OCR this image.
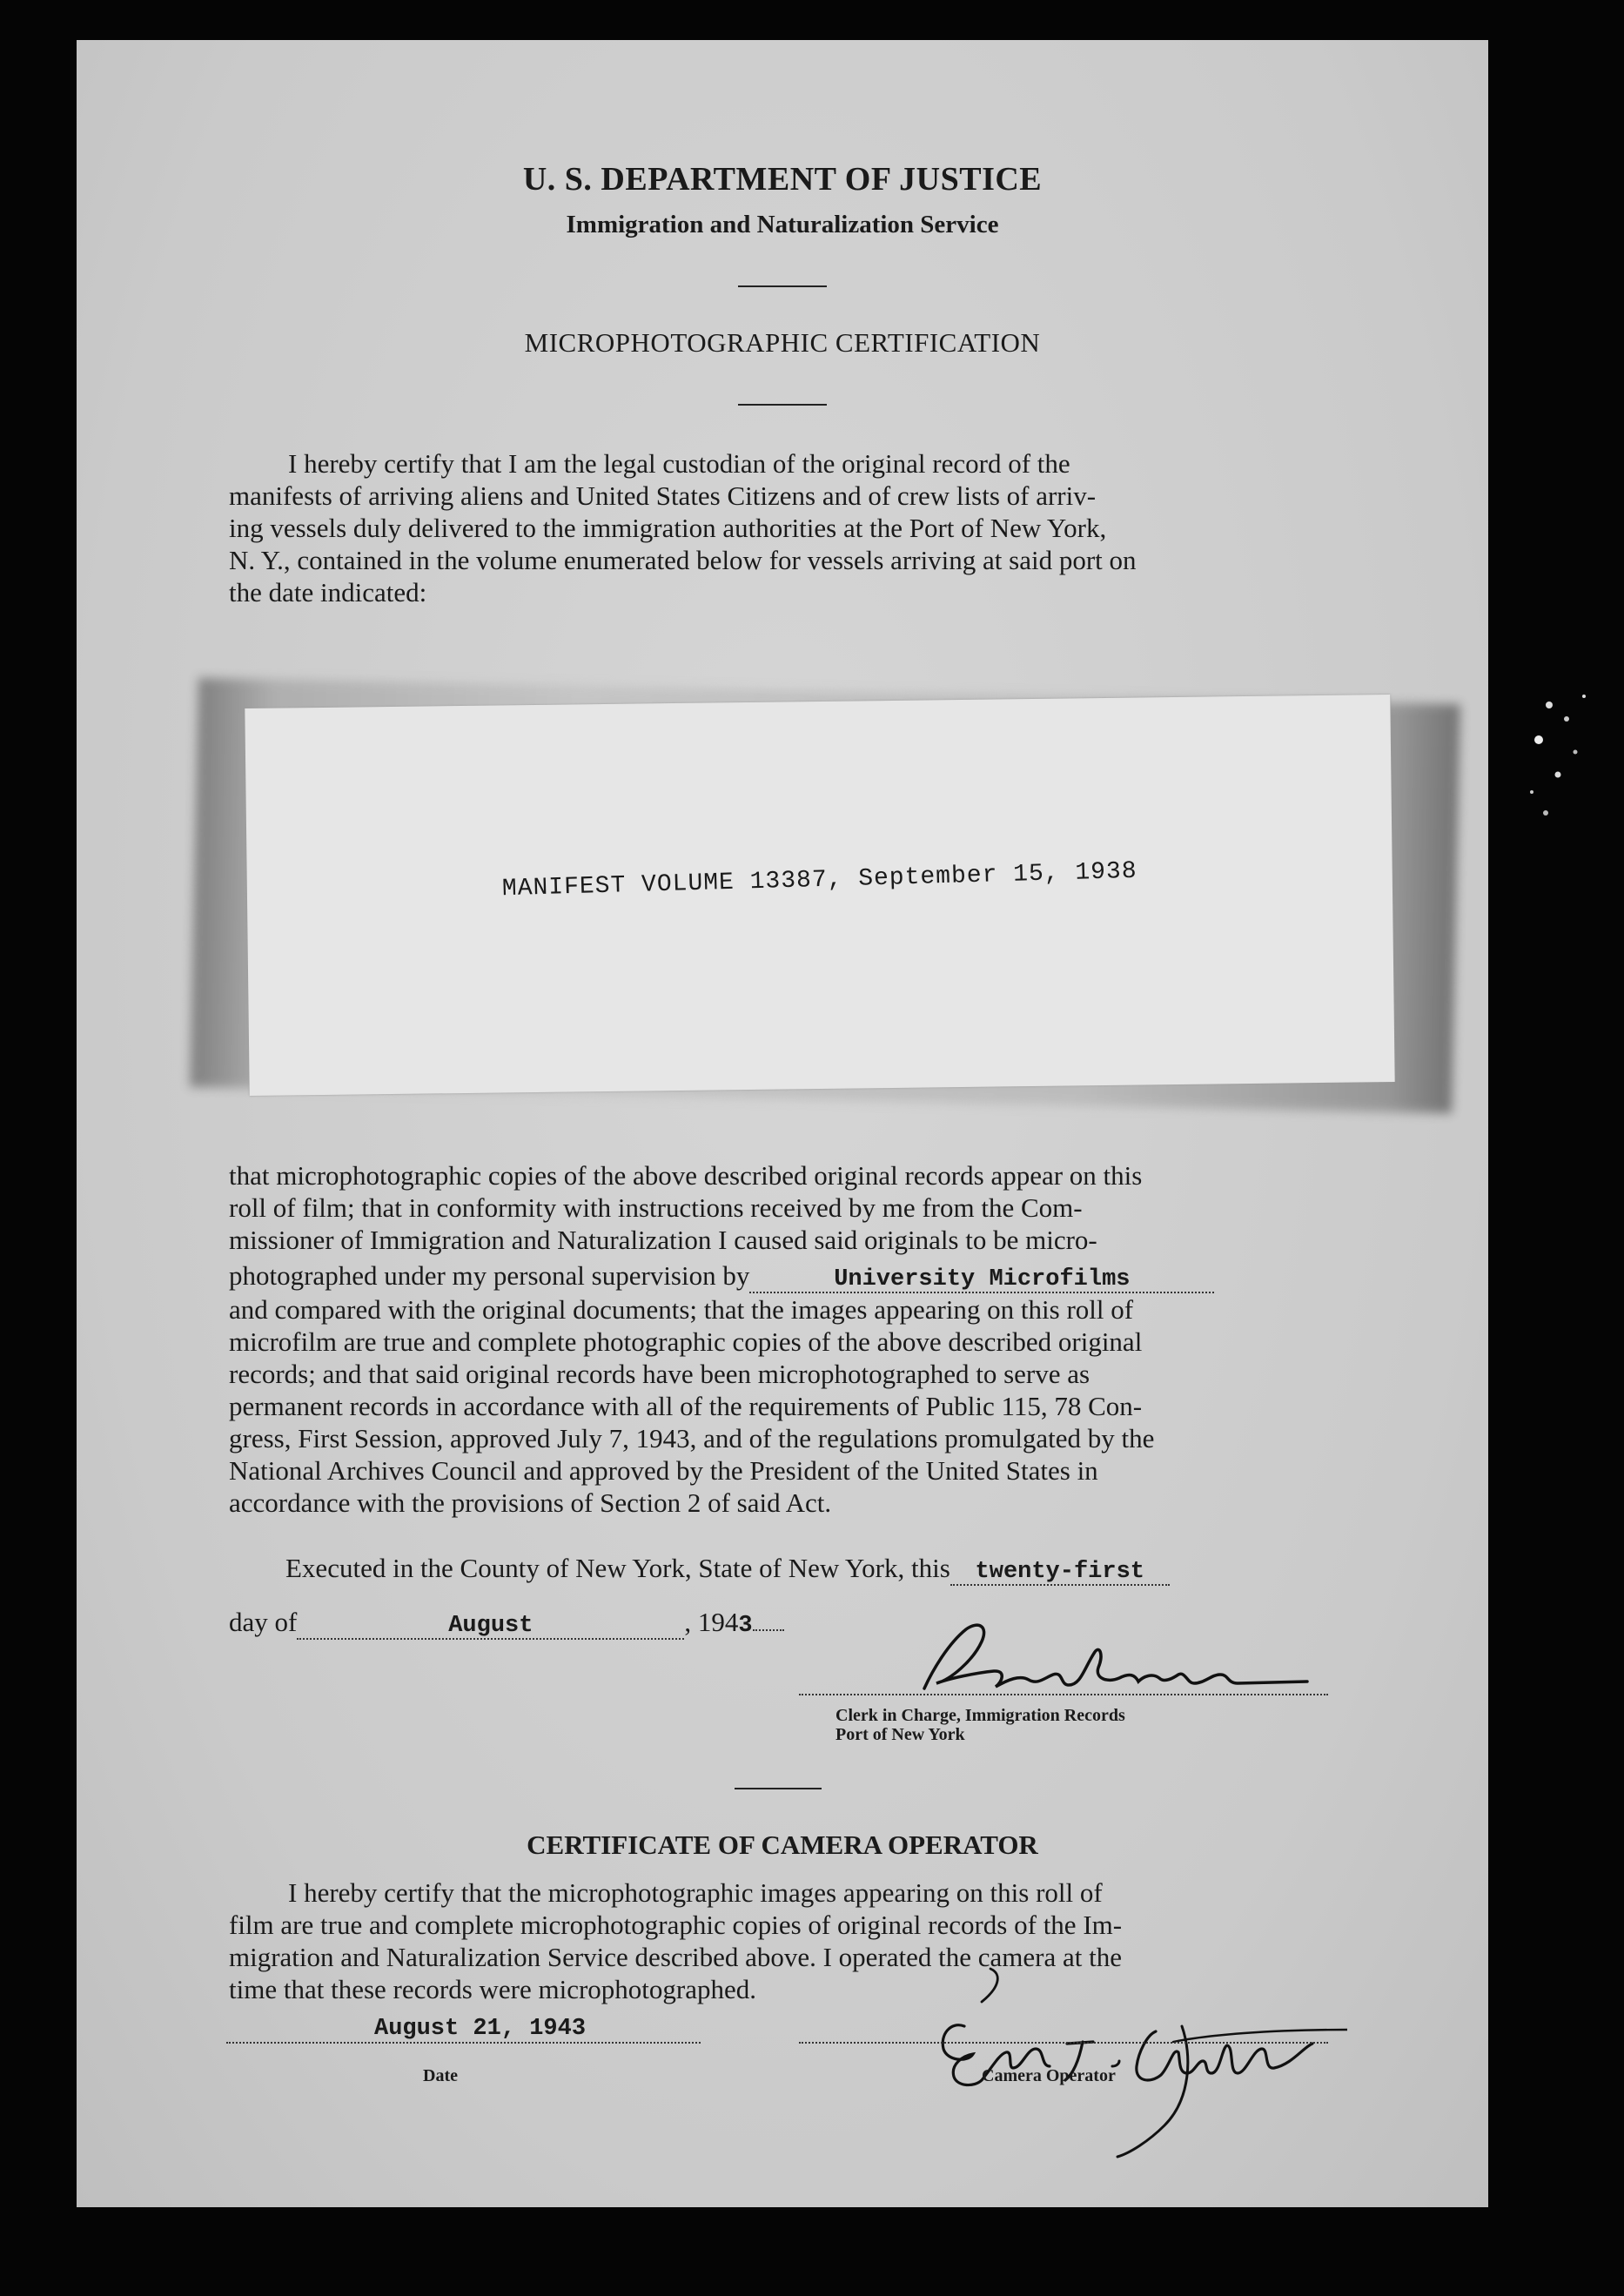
U. S. DEPARTMENT OF JUSTICE
Immigration and Naturalization Service
MICROPHOTOGRAPHIC CERTIFICATION
I hereby certify that I am the legal custodian of the original record of the
manifests of arriving aliens and United States Citizens and of crew lists of arriv-
ing vessels duly delivered to the immigration authorities at the Port of New York,
N. Y., contained in the volume enumerated below for vessels arriving at said port on
the date indicated:
MANIFEST VOLUME 13387, September 15, 1938
that microphotographic copies of the above described original records appear on this
roll of film; that in conformity with instructions received by me from the Com-
missioner of Immigration and Naturalization I caused said originals to be micro-
photographed under my personal supervision by	University Microfilms
and compared with the original documents; that the images appearing on this roll of
microfilm are true and complete photographic copies of the above described original
records; and that said original records have been microphotographed to serve as
permanent records in accordance with all of the requirements of Public 115, 78 Con-
gress, First Session, approved July 7, 1943, and of the regulations promulgated by the
National Archives Council and approved by the President of the United States in
accordance with the provisions of Section 2 of said Act.
Executed in the County of New York, State of New York, this twenty-first
day of	August	, 1943
Clerk in Charge, Immigration Records
Port of New York
CERTIFICATE OF CAMERA OPERATOR
I hereby certify that the microphotographic images appearing on this roll of
film are true and complete microphotographic copies of original records of the Im-
migration and Naturalization Service described above. I operated the camera at the
time that these records were microphotographed.
August 21, 1943
Date	Camera Operator
